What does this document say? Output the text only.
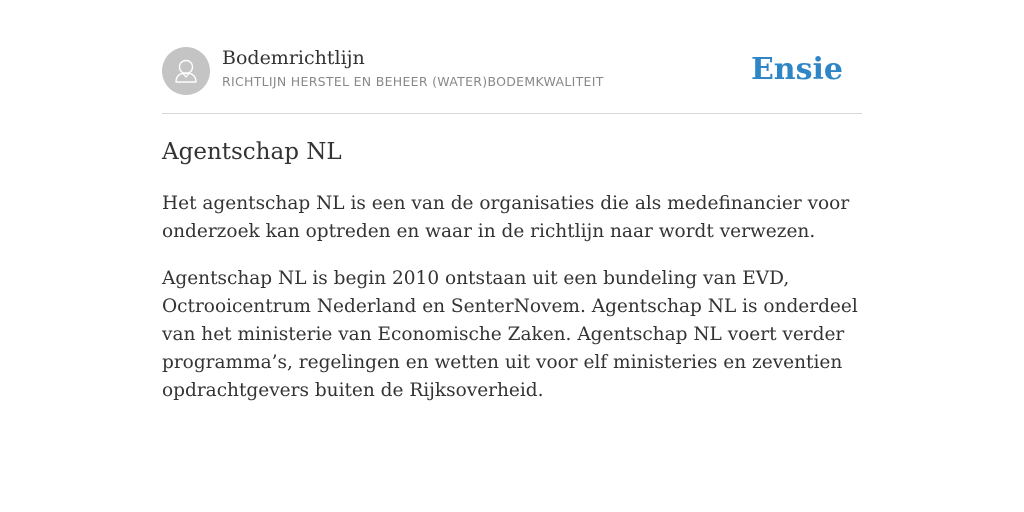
Bodemrichtlijn
RICHTLIJN HERSTEL EN BEHEER (WATER)BODEMKWALITEIT	Ensie
Agentschap NL

Het agentschap NL is een van de organisaties die als medefinancier voor onderzoek kan optreden en waar in de richtlijn naar wordt verwezen.

Agentschap NL is begin 2010 ontstaan uit een bundeling van EVD, Octrooicentrum Nederland en SenterNovem. Agentschap NL is onderdeel van het ministerie van Economische Zaken. Agentschap NL voert verder programma’s, regelingen en wetten uit voor elf ministeries en zeventien opdrachtgevers buiten de Rijksoverheid.
